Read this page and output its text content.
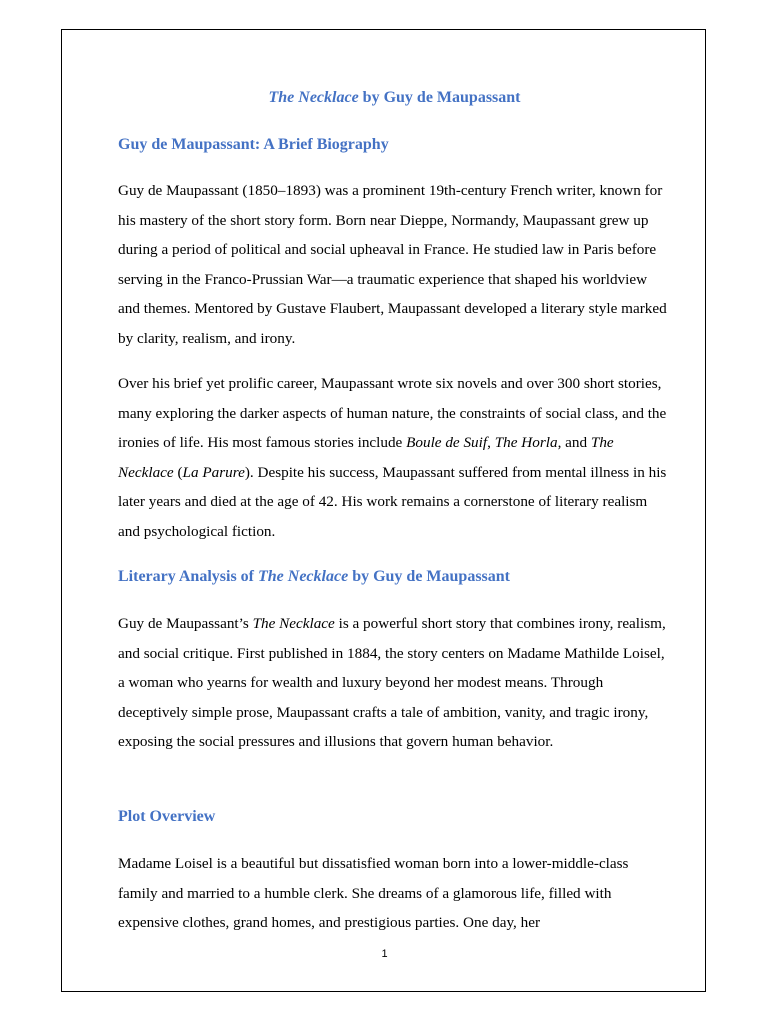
The Necklace by Guy de Maupassant
Guy de Maupassant: A Brief Biography

Guy de Maupassant (1850–1893) was a prominent 19th-century French writer, known for his mastery of the short story form. Born near Dieppe, Normandy, Maupassant grew up during a period of political and social upheaval in France. He studied law in Paris before serving in the Franco-Prussian War—a traumatic experience that shaped his worldview and themes. Mentored by Gustave Flaubert, Maupassant developed a literary style marked by clarity, realism, and irony.

Over his brief yet prolific career, Maupassant wrote six novels and over 300 short stories, many exploring the darker aspects of human nature, the constraints of social class, and the ironies of life. His most famous stories include Boule de Suif, The Horla, and The Necklace (La Parure). Despite his success, Maupassant suffered from mental illness in his later years and died at the age of 42. His work remains a cornerstone of literary realism and psychological fiction.

Literary Analysis of The Necklace by Guy de Maupassant

Guy de Maupassant’s The Necklace is a powerful short story that combines irony, realism, and social critique. First published in 1884, the story centers on Madame Mathilde Loisel, a woman who yearns for wealth and luxury beyond her modest means. Through deceptively simple prose, Maupassant crafts a tale of ambition, vanity, and tragic irony, exposing the social pressures and illusions that govern human behavior.

Plot Overview

Madame Loisel is a beautiful but dissatisfied woman born into a lower-middle-class family and married to a humble clerk. She dreams of a glamorous life, filled with expensive clothes, grand homes, and prestigious parties. One day, her

1
